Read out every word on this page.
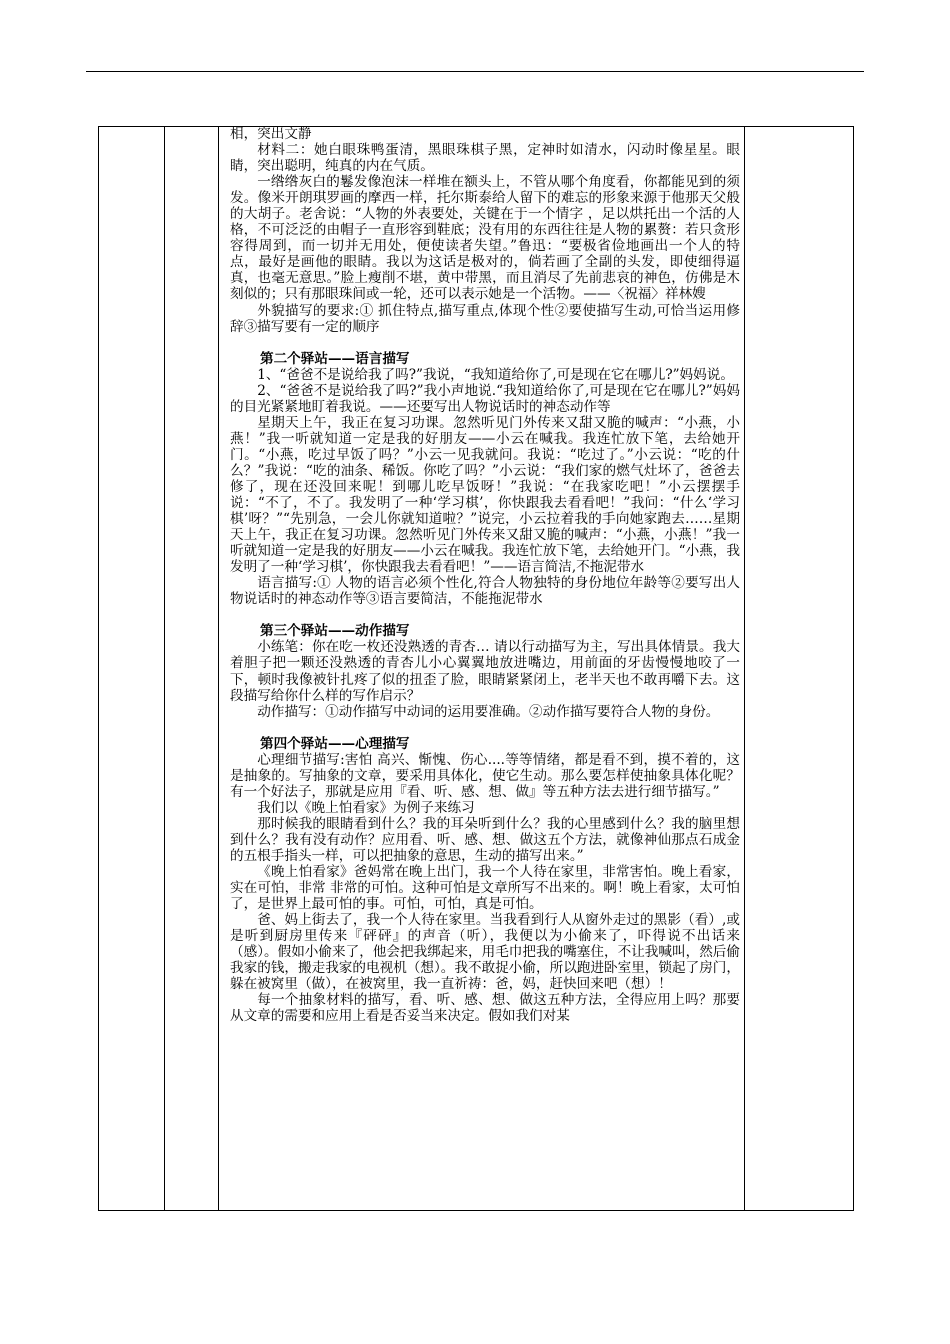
相，突出文静

材料二：她白眼珠鸭蛋清，黑眼珠棋子黑，定神时如清水，闪动时像星星。眼睛，突出聪明，纯真的内在气质。

一绺绺灰白的鬈发像泡沫一样堆在额头上，不管从哪个角度看，你都能见到的须发。像米开朗琪罗画的摩西一样，托尔斯泰给人留下的难忘的形象来源于他那天父般的大胡子。老舍说：“人物的外表要处，关键在于一个情字 ，足以烘托出一个活的人格，不可泛泛的由帽子一直形容到鞋底；没有用的东西往往是人物的累赘：若只贪形容得周到，而一切并无用处，便使读者失望。”鲁迅：“要极省俭地画出一个人的特点，最好是画他的眼睛。我以为这话是极对的，倘若画了全副的头发，即使细得逼真，也毫无意思。”脸上瘦削不堪，黄中带黑，而且消尽了先前悲哀的神色，仿佛是木刻似的；只有那眼珠间或一轮，还可以表示她是一个活物。——〈祝福〉祥林嫂

外貌描写的要求:① 抓住特点,描写重点,体现个性②要使描写生动,可恰当运用修辞③描写要有一定的顺序

第二个驿站——语言描写

1、“爸爸不是说给我了吗?”我说，“我知道给你了,可是现在它在哪儿?”妈妈说。

2、“爸爸不是说给我了吗?”我小声地说.“我知道给你了,可是现在它在哪儿?”妈妈的目光紧紧地盯着我说。——还要写出人物说话时的神态动作等

星期天上午，我正在复习功课。忽然听见门外传来又甜又脆的喊声：“小燕，小燕！”我一听就知道一定是我的好朋友——小云在喊我。我连忙放下笔，去给她开门。“小燕，吃过早饭了吗？”小云一见我就问。我说：“吃过了。”小云说：“吃的什么？”我说：“吃的油条、稀饭。你吃了吗？”小云说：“我们家的燃气灶坏了，爸爸去修了，现在还没回来呢！到哪儿吃早饭呀！”我说：“在我家吃吧！”小云摆摆手说：“不了，不了。我发明了一种‘学习棋’，你快跟我去看看吧！”我问：“什么‘学习棋’呀？”“先别急，一会儿你就知道啦？”说完，小云拉着我的手向她家跑去……星期天上午，我正在复习功课。忽然听见门外传来又甜又脆的喊声：“小燕，小燕！”我一听就知道一定是我的好朋友——小云在喊我。我连忙放下笔，去给她开门。“小燕，我发明了一种‘学习棋’，你快跟我去看看吧！”——语言简洁,不拖泥带水

语言描写:① 人物的语言必须个性化,符合人物独特的身份地位年龄等②要写出人物说话时的神态动作等③语言要简洁，不能拖泥带水

第三个驿站——动作描写

小练笔：你在吃一枚还没熟透的青杏… 请以行动描写为主，写出具体情景。我大着胆子把一颗还没熟透的青杏儿小心翼翼地放进嘴边，用前面的牙齿慢慢地咬了一下，顿时我像被针扎疼了似的扭歪了脸，眼睛紧紧闭上，老半天也不敢再嚼下去。这段描写给你什么样的写作启示？

动作描写：①动作描写中动词的运用要准确。②动作描写要符合人物的身份。

第四个驿站——心理描写

心理细节描写:害怕 高兴、惭愧、伤心....等等情绪，都是看不到，摸不着的，这是抽象的。写抽象的文章，要采用具体化，使它生动。那么要怎样使抽象具体化呢？有一个好法子，那就是应用『看、听、感、想、做』等五种方法去进行细节描写。”

我们以《晚上怕看家》为例子来练习

那时候我的眼睛看到什么？我的耳朵听到什么？我的心里感到什么？我的脑里想到什么？我有没有动作？应用看、听、感、想、做这五个方法，就像神仙那点石成金的五根手指头一样，可以把抽象的意思，生动的描写出来。”

《晚上怕看家》爸妈常在晚上出门，我一个人待在家里，非常害怕。晚上看家，实在可怕，非常 非常的可怕。这种可怕是文章所写不出来的。啊！晚上看家，太可怕了，是世界上最可怕的事。可怕，可怕，真是可怕。

爸、妈上街去了，我一个人待在家里。当我看到行人从窗外走过的黑影（看）,或是听到厨房里传来『砰砰』的声音（听），我便以为小偷来了，吓得说不出话来（感）。假如小偷来了，他会把我绑起来，用毛巾把我的嘴塞住，不让我喊叫，然后偷我家的钱，搬走我家的电视机（想）。我不敢捉小偷，所以跑进卧室里，锁起了房门，躲在被窝里（做），在被窝里，我一直祈祷：爸，妈，赶快回来吧（想）！

每一个抽象材料的描写，看、听、感、想、做这五种方法，全得应用上吗？那要从文章的需要和应用上看是否妥当来决定。假如我们对某
